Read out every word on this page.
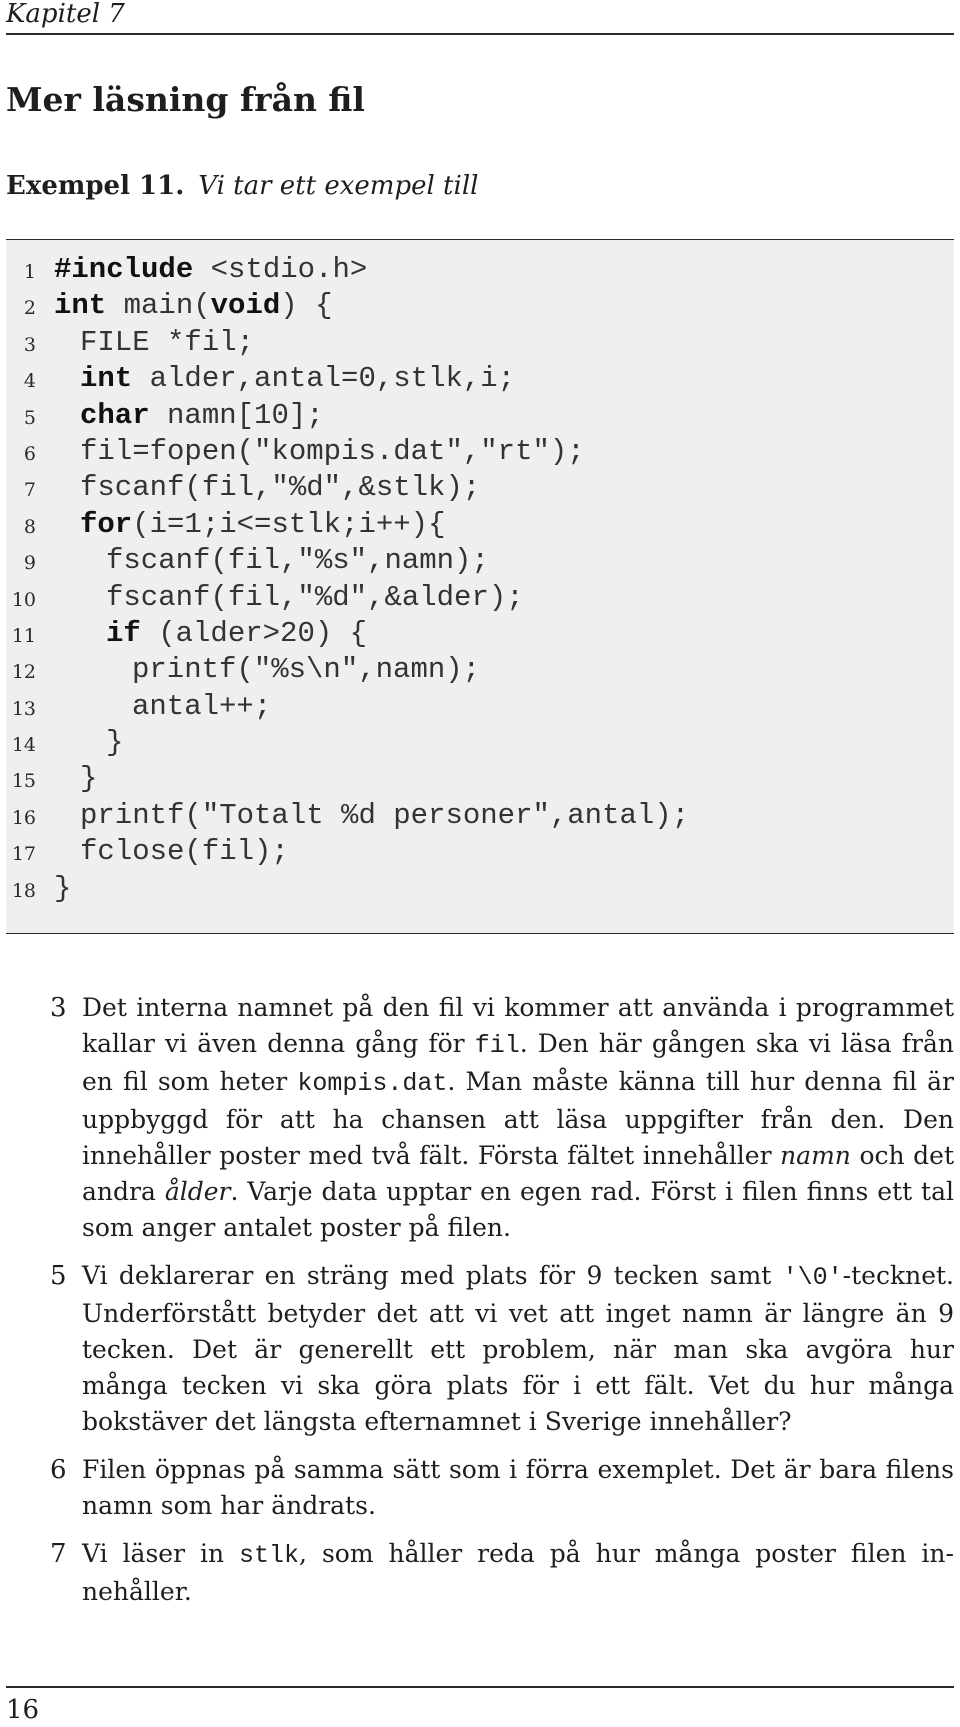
Kapitel 7
Mer läsning från fil
Exempel 11. Vi tar ett exempel till
1 #include <stdio.h>
2 int main(void) {
3 FILE *fil;
4 int alder,antal=0,stlk,i;
5 char namn[10];
6 fil=fopen("kompis.dat","rt");
7 fscanf(fil,"%d",&stlk);
8 for(i=1;i<=stlk;i++){
9 fscanf(fil,"%s",namn);
10 fscanf(fil,"%d",&alder);
11 if (alder>20) {
12	printf("%s\n",namn);
13	antal++;
14 }
15 }
16 printf("Totalt %d personer",antal);
17 fclose(fil);
18 }
3 Det interna namnet på den fil vi kommer att använda i programmet kallar vi även denna gång för fil. Den här gången ska vi läsa från en fil som heter kompis.dat. Man måste känna till hur denna fil är uppbyggd för att ha chansen att läsa uppgifter från den. Den innehåller poster med två fält. Första fältet innehåller namn och det andra ålder. Varje data upptar en egen rad. Först i filen finns ett tal som anger antalet poster på filen.
5 Vi deklarerar en sträng med plats för 9 tecken samt '\0'-tecknet. Underförstått betyder det att vi vet att inget namn är längre än 9 tecken. Det är generellt ett problem, när man ska avgöra hur många tecken vi ska göra plats för i ett fält. Vet du hur många bokstäver det längsta efternamnet i Sverige innehåller?
6 Filen öppnas på samma sätt som i förra exemplet. Det är bara filens namn som har ändrats.
7 Vi läser in stlk, som håller reda på hur många poster filen innehåller.
16
